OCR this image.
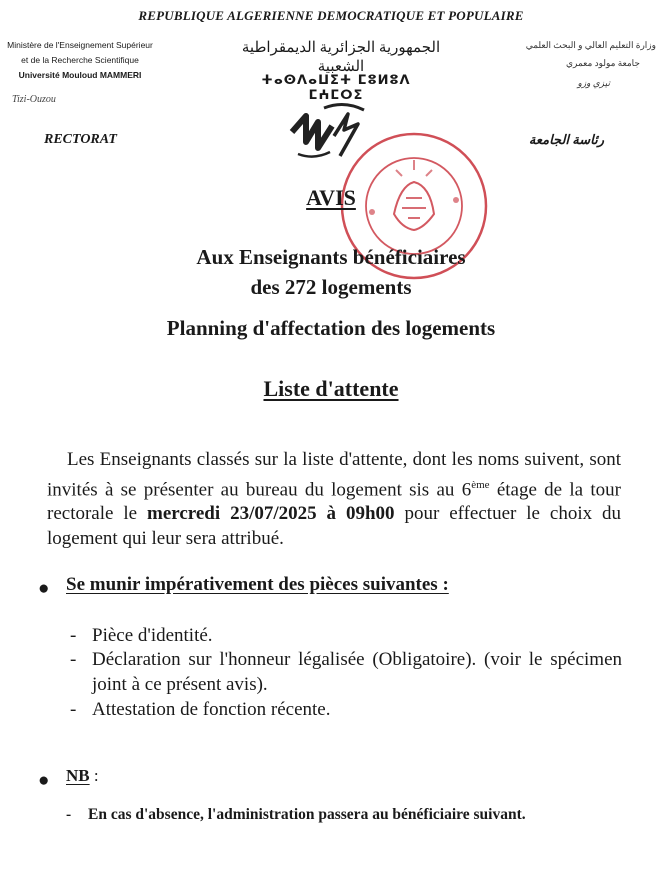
REPUBLIQUE ALGERIENNE DEMOCRATIQUE ET POPULAIRE
Ministère de l'Enseignement Supérieur
et de la Recherche Scientifique
Université Mouloud MAMMERI
Tizi-Ouzou
RECTORAT
الجمهورية الجزائرية الديمقراطية الشعبية
ⵜⴰⵙⴷⴰⵡⵉⵜ ⵎⵓⵍⵓⴷ ⵎⵄⵎⵔⵉ
وزارة التعليم العالي و البحث العلمي
جامعة مولود معمري
تيزي وزو
رئاسة الجامعة
AVIS
Aux Enseignants bénéficiaires
des 272 logements
Planning d'affectation des logements
Liste d'attente
Les Enseignants classés sur la liste d'attente, dont les noms suivent, sont invités à se présenter au bureau du logement sis au 6ème étage de la tour rectorale le mercredi 23/07/2025 à 09h00 pour effectuer le choix du logement qui leur sera attribué.
● Se munir impérativement des pièces suivantes :
- Pièce d'identité.
- Déclaration sur l'honneur légalisée (Obligatoire). (voir le spécimen joint à ce présent avis).
- Attestation de fonction récente.
● NB :
- En cas d'absence, l'administration passera au bénéficiaire suivant.
